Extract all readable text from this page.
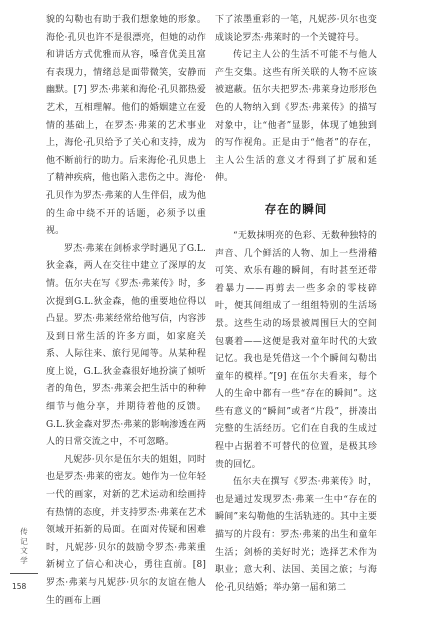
貌的勾勒也有助于我们想象她的形象。海伦·孔贝也许不是很漂亮，但她的动作和讲话方式优雅而从容，嗓音优美且富有表现力，情绪总是面带微笑，安静而幽默。[7] 罗杰·弗莱和海伦·孔贝都热爱艺术，互相理解。他们的婚姻建立在爱情的基础上，在罗杰·弗莱的艺术事业上，海伦·孔贝给予了关心和支持，成为他不断前行的助力。后来海伦·孔贝患上了精神疾病，他也陷入悲伤之中。海伦·孔贝作为罗杰·弗莱的人生伴侣，成为他的生命中绕不开的话题，必须予以重视。

罗杰·弗莱在剑桥求学时遇见了G.L.狄金森，两人在交往中建立了深厚的友情。伍尔夫在写《罗杰·弗莱传》时，多次提到G.L.狄金森，他的重要地位得以凸显。罗杰·弗莱经常给他写信，内容涉及到日常生活的许多方面，如家庭关系、人际往来、旅行见闻等。从某种程度上说，G.L.狄金森很好地扮演了倾听者的角色，罗杰·弗莱会把生活中的种种细节与他分享，并期待着他的反馈。G.L.狄金森对罗杰·弗莱的影响渗透在两人的日常交流之中，不可忽略。

凡妮莎·贝尔是伍尔夫的姐姐，同时也是罗杰·弗莱的密友。她作为一位年轻一代的画家，对新的艺术运动和绘画持有热情的态度，并支持罗杰·弗莱在艺术领域开拓新的局面。在面对传疑和困难时，凡妮莎·贝尔的鼓励令罗杰·弗莱重新树立了信心和决心，勇往直前。[8] 罗杰·弗莱与凡妮莎·贝尔的友谊在他人生的画布上画

下了浓墨重彩的一笔，凡妮莎·贝尔也变成谈论罗杰·弗莱时的一个关键符号。

传记主人公的生活不可能不与他人产生交集。这些有所关联的人物不应该被遮蔽。伍尔夫把罗杰·弗莱身边形形色色的人物纳入到《罗杰·弗莱传》的描写对象中，让“他者”显影，体现了她独到的写作视角。正是由于“他者”的存在，主人公生活的意义才得到了扩展和延伸。

存在的瞬间

“无数抹明亮的色彩、无数种独特的声音、几个鲜活的人物、加上一些滑稽可笑、欢乐有趣的瞬间，有时甚至还带着暴力——再剪去一些多余的零枝碎叶，便其间组成了一组组特别的生活场景。这些生动的场景被周围巨大的空间包裹着——这便是我对童年时代的大致记忆。我也是凭借这一个个瞬间勾勒出童年的模样。”[9] 在伍尔夫看来，每个人的生命中都有一些“存在的瞬间”。这些有意义的“瞬间”或者“片段”，拼凑出完整的生活经历。它们在自我的生成过程中占据着不可替代的位置，是极其珍贵的回忆。

伍尔夫在撰写《罗杰·弗莱传》时，也是通过发现罗杰·弗莱一生中“存在的瞬间”来勾勒他的生活轨迹的。其中主要描写的片段有：罗杰·弗莱的出生和童年生活；剑桥的美好时光；选择艺术作为职业；意大利、法国、美国之旅；与海伦·孔贝结婚；举办第一届和第二

传记文学
158
